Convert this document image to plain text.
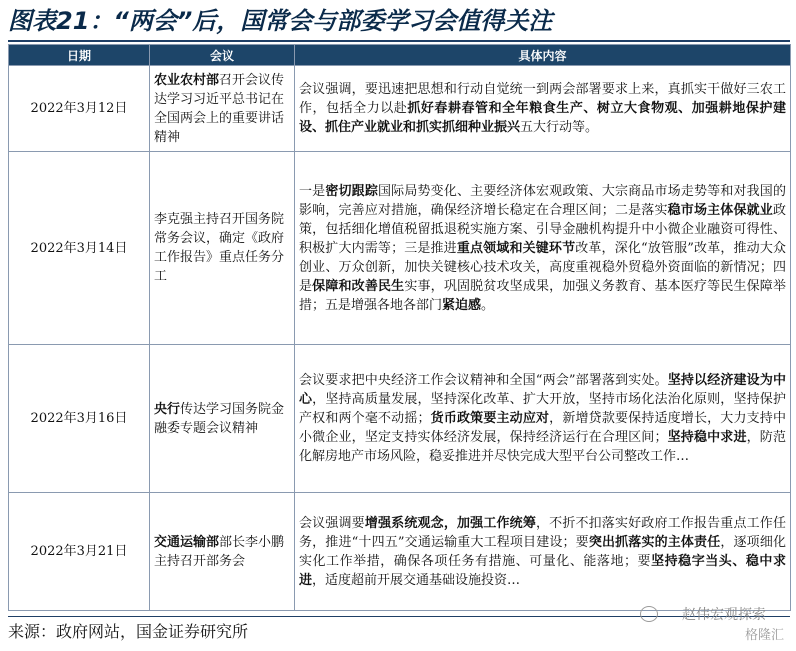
图表21：“两会”后，国常会与部委学习会值得关注
日期	会议	具体内容
2022年3月12日	农业农村部召开会议传达学习习近平总书记在全国两会上的重要讲话精神	会议强调，要迅速把思想和行动自觉统一到两会部署要求上来，真抓实干做好三农工作，包括全力以赴抓好春耕春管和全年粮食生产、树立大食物观、加强耕地保护建设、抓住产业就业和抓实抓细种业振兴五大行动等。
2022年3月14日	李克强主持召开国务院常务会议，确定《政府工作报告》重点任务分工	一是密切跟踪国际局势变化、主要经济体宏观政策、大宗商品市场走势等和对我国的影响，完善应对措施，确保经济增长稳定在合理区间；二是落实稳市场主体保就业政策，包括细化增值税留抵退税实施方案、引导金融机构提升中小微企业融资可得性、积极扩大内需等；三是推进重点领域和关键环节改革，深化“放管服”改革，推动大众创业、万众创新，加快关键核心技术攻关，高度重视稳外贸稳外资面临的新情况；四是保障和改善民生实事，巩固脱贫攻坚成果，加强义务教育、基本医疗等民生保障举措；五是增强各地各部门紧迫感。
2022年3月16日	央行传达学习国务院金融委专题会议精神	会议要求把中央经济工作会议精神和全国“两会”部署落到实处。坚持以经济建设为中心，坚持高质量发展，坚持深化改革、扩大开放，坚持市场化法治化原则，坚持保护产权和两个毫不动摇；货币政策要主动应对，新增贷款要保持适度增长，大力支持中小微企业，坚定支持实体经济发展，保持经济运行在合理区间；坚持稳中求进，防范化解房地产市场风险，稳妥推进并尽快完成大型平台公司整改工作…
2022年3月21日	交通运输部部长李小鹏主持召开部务会	会议强调要增强系统观念，加强工作统筹，不折不扣落实好政府工作报告重点工作任务，推进“十四五”交通运输重大工程项目建设；要突出抓落实的主体责任，逐项细化实化工作举措，确保各项任务有措施、可量化、能落地；要坚持稳字当头、稳中求进，适度超前开展交通基础设施投资…
来源：政府网站，国金证券研究所
赵伟宏观探索
格隆汇
